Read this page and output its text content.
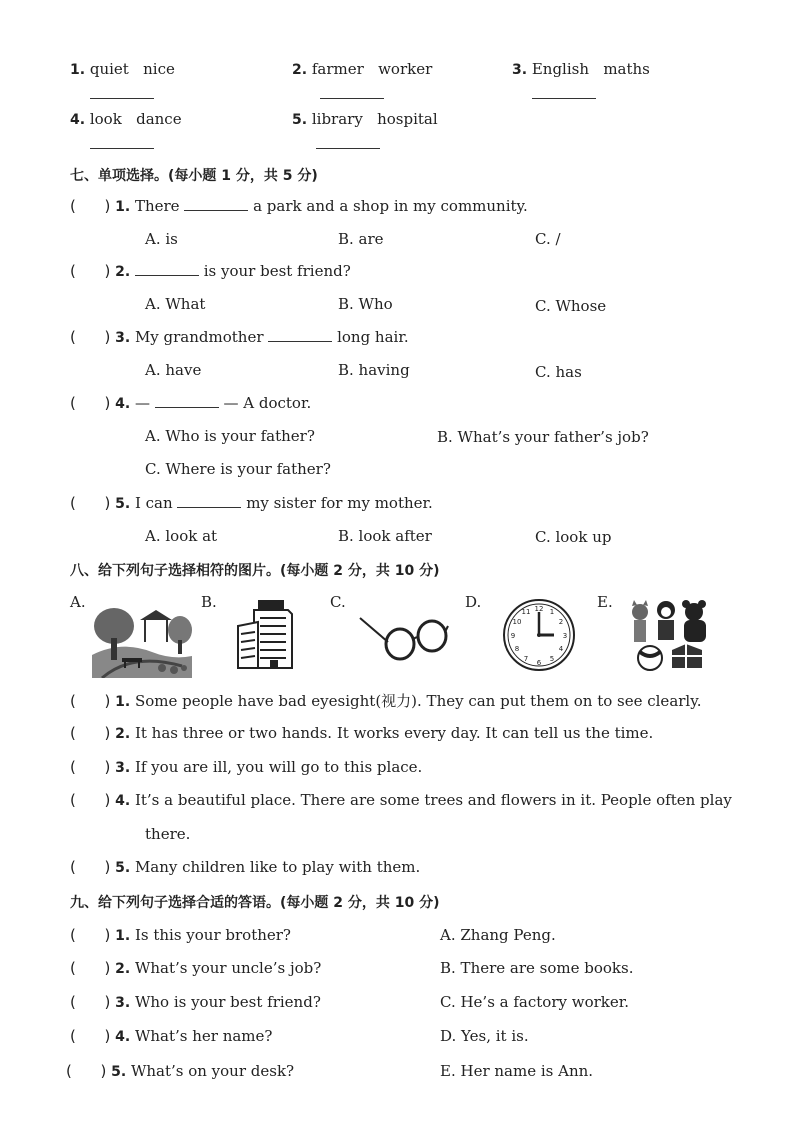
1. quiet   nice	2. farmer   worker	3. English   maths
4. look   dance	5. library   hospital
七、单项选择。(每小题 1 分，共 5 分)
(      ) 1. There	a park and a shop in my community.
A. is	B. are	C. /
(      ) 2.	is your best friend?
A. What	B. Who	C. Whose
(      ) 3. My grandmother	long hair.
A. have	B. having	C. has
(      ) 4. —	— A doctor.
A. Who is your father?	B. What’s your father’s job?
C. Where is your father?
(      ) 5. I can	my sister for my mother.
A. look at	B. look after	C. look up
八、给下列句子选择相符的图片。(每小题 2 分，共 10 分)
A.	B.	C.	D.	E.
12 1
2
3
4
5
6
7
8
9
10
11
(      ) 1. Some people have bad eyesight(视力). They can put them on to see clearly.
(      ) 2. It has three or two hands. It works every day. It can tell us the time.
(      ) 3. If you are ill, you will go to this place.
(      ) 4. It’s a beautiful place. There are some trees and flowers in it. People often play
there.
(      ) 5. Many children like to play with them.
九、给下列句子选择合适的答语。(每小题 2 分，共 10 分)
(      ) 1. Is this your brother?	A. Zhang Peng.
(      ) 2. What’s your uncle’s job?	B. There are some books.
(      ) 3. Who is your best friend?	C. He’s a factory worker.
(      ) 4. What’s her name?	D. Yes, it is.
(      ) 5. What’s on your desk?	E. Her name is Ann.
